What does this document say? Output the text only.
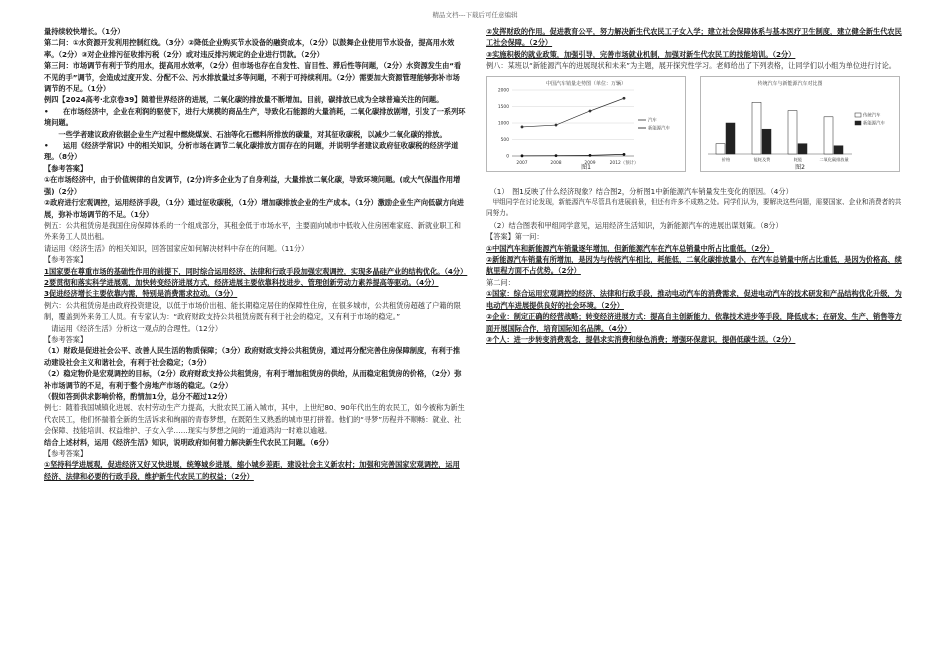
精品文档---下载后可任意编辑

量持续较快增长。（1分）

第二问：①水资源开发利用控制红线。（3分）②降低企业购买节水设备的融资成本，（2分）以鼓舞企业使用节水设备，提高用水效率。（2分）③对企业排污征收排污税（2分）或对违反排污规定的企业进行罚款。（2分）

第三问：市场调节有利于节约用水，提高用水效率，（2分）但市场也存在自发性、盲目性、滞后性等问题，（2分）水资源发生由“看不见的手”调节，会造成过度开发、分配不公、污水排放量过多等问题，不利于可持续利用。（2分）需要加大资源管理能够弥补市场调节的不足。（1分）

例四【2024高考·北京卷39】随着世界经济的进展，二氧化碳的排放量不断增加。目前，碳排放已成为全球普遍关注的问题。

•　　在市场经济中，企业在利润的驱使下，进行大规模的商品生产，导致化石能源的大量消耗，二氧化碳排放剧增，引发了一系列环境问题。

　　一些学者建议政府依据企业生产过程中燃烧煤炭、石油等化石燃料所排放的碳量，对其征收碳税，以减少二氧化碳的排放。

•　　运用《经济学常识》中的相关知识，分析市场在调节二氧化碳排放方面存在的问题，并说明学者建议政府征收碳税的经济学道理。（8分）

【参考答案】

①在市场经济中，由于价值规律的自发调节，(2分)许多企业为了自身利益，大量排放二氧化碳，导致环境问题。(或大气保温作用增强)（2分）

②政府进行宏观调控，运用经济手段，（1分）通过征收碳税，（1分）增加碳排放企业的生产成本。（1分）激励企业生产向低碳方向进展，弥补市场调节的不足。（1分）

例五：公共租赁房是我国住房保障体系的一个组成部分，其租金低于市场水平，主要面向城市中低收入住房困难家庭、新就业职工和外来务工人员出租。

请运用《经济生活》的相关知识，回答国家应如何解决材料中存在的问题。（11分）

【参考答案】

1国家要在尊重市场的基础性作用的前提下，同时综合运用经济、法律和行政手段加强宏观调控，实现多晶硅产业的结构优化。（4分）

2要贯彻和落实科学进展观，加快转变经济进展方式，经济进展主要依靠科技进步、管理创新劳动力素养提高等驱动。（4分）

3促进经济增长主要依靠内需，特别是消费需求拉动。（3分）

例六：公共租赁房是由政府投资建设，以低于市场价出租、能长期稳定居住的保障性住房，在很多城市，公共租赁房超越了户籍的限制，覆盖到外来务工人员。有专家认为：“政府财政支持公共租赁房既有利于社会的稳定，又有利于市场的稳定。”

　请运用《经济生活》分析这一观点的合理性。（12分）

【参考答案】

（1）财政是促进社会公平、改善人民生活的物质保障；（3分）政府财政支持公共租赁房，通过再分配完善住房保障制度，有利于推动建设社会主义和谐社会，有利于社会稳定；（3分）

（2）稳定物价是宏观调控的目标，（2分）政府财政支持公共租赁房，有利于增加租赁房的供给，从而稳定租赁房的价格，（2分）弥补市场调节的不足，有利于整个房地产市场的稳定。（2分）

（假如答到供求影响价格，酌情加1分，总分不超过12分）

例七：随着我国城镇化进展、农村劳动生产力提高，大批农民工涌入城市，其中，上世纪80、90年代出生的农民工，如今被称为新生代农民工，他们怀揣着全新的生活诉求和绚丽的青春梦想，在既陌生又熟悉的城市里打拼着。他们的“寻梦”历程并不顺畅：就业、社会保障、技能培训、权益维护、子女入学……现实与梦想之间的一道道鸿沟一时难以逾越。

结合上述材料，运用《经济生活》知识，说明政府如何着力解决新生代农民工问题。（6分）

【参考答案】

①坚持科学进展观，促进经济又好又快进展，统筹城乡进展，缩小城乡差距，建设社会主义新农村；加强和完善国家宏观调控，运用经济、法律和必要的行政手段，维护新生代农民工的权益；（2分）

②发挥财政的作用。促进教育公平，努力解决新生代农民工子女入学；建立社会保障体系与基本医疗卫生制度，建立健全新生代农民工社会保障。（2分）

③实施积极的就业政策，加强引导，完善市场就业机制，加强对新生代农民工的技能培训。（2分）

例八：某班以“新能源汽车的进展现状和未来”为主题，展开探究性学习。老师给出了下列表格，让同学们以小组为单位进行讨论。

中国汽车销量走势图（单位：万辆）
2000
1500
1000
500
0
2007	2008	2009	2012（预计）
汽车
新能源汽车
图1
传统汽车与新能源汽车对比图
价格	能耗及费	耗能	二氧化碳排放量
传统汽车
新能源汽车
图2

　（1）　图1反映了什么经济现象？结合图2，分析图1中新能源汽车销量发生变化的原因。（4分）

　甲组同学在讨论发现，新能源汽车尽管具有进展前景，但还有许多不成熟之处。同学们认为，要解决这些问题，需要国家、企业和消费者的共同努力。

　（2）结合图表和甲组同学意见，运用经济生活知识，为新能源汽车的进展出谋划策。（8分）

【答案】第一问：

①中国汽车和新能源汽车销量逐年增加，但新能源汽车在汽车总销量中所占比重低。（2分）

②新能源汽车销量有所增加，是因为与传统汽车相比，耗能低，二氧化碳排放量小，在汽车总销量中所占比重低，是因为价格高、续航里程方面不占优势。（2分）

第二问：

①国家：综合运用宏观调控的经济、法律和行政手段，推动电动汽车的消费需求，促进电动汽车的技术研发和产品结构优化升级，为电动汽车进展提供良好的社会环境。（2分）

②企业：制定正确的经营战略；转变经济进展方式：提高自主创新能力，依靠技术进步等手段，降低成本；在研发、生产、销售等方面开展国际合作，培育国际知名品牌。（4分）

③个人：进一步转变消费观念，提倡求实消费和绿色消费；增强环保意识，提倡低碳生活。（2分）
